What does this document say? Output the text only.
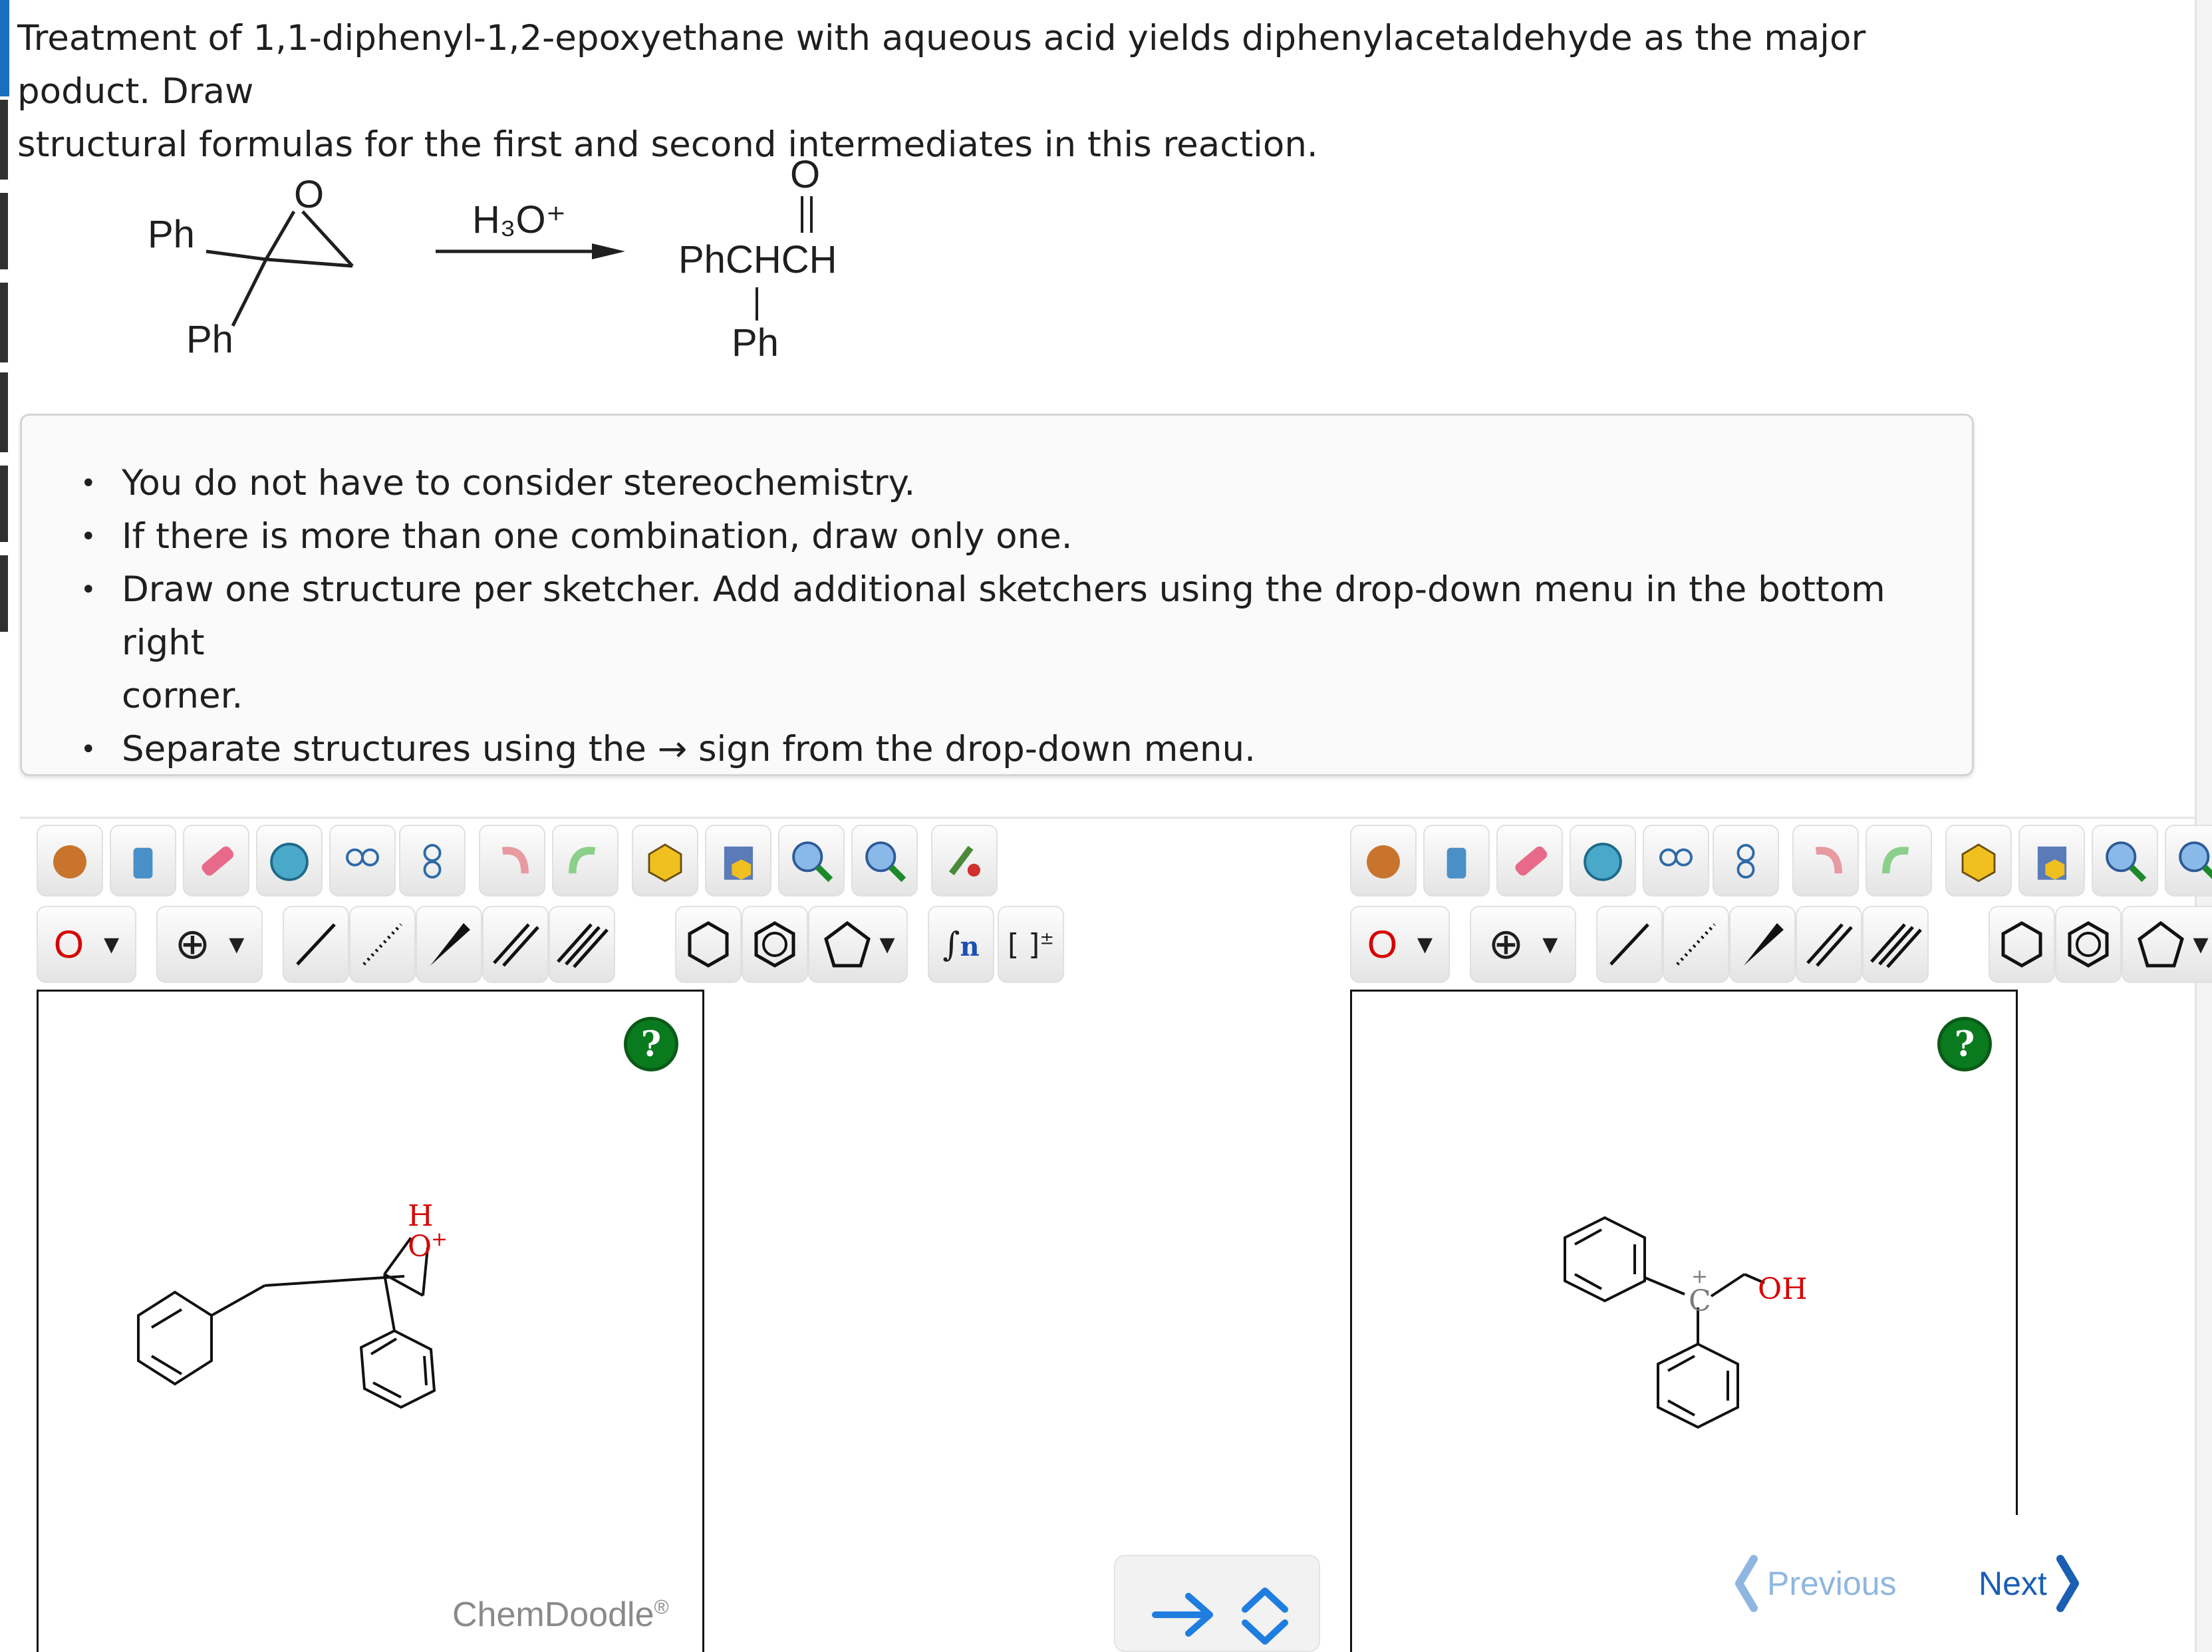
Treatment of 1,1-diphenyl-1,2-epoxyethane with aqueous acid yields diphenylacetaldehyde as the major poduct. Draw
structural formulas for the first and second intermediates in this reaction.
Ph
Ph
O
H₃O⁺
O
PhCHCH
Ph
• You do not have to consider stereochemistry.
• If there is more than one combination, draw only one.
• Draw one structure per sketcher. Add additional sketchers using the drop-down menu in the bottom right
corner.
• Separate structures using the → sign from the drop-down menu.
O ▼ ⊕ ▼	▼ ∫n [ ]±	O ▼ ⊕ ▼	▼
?
H
O
+
?
C
+ OH
ChemDoodle®
Previous Next
